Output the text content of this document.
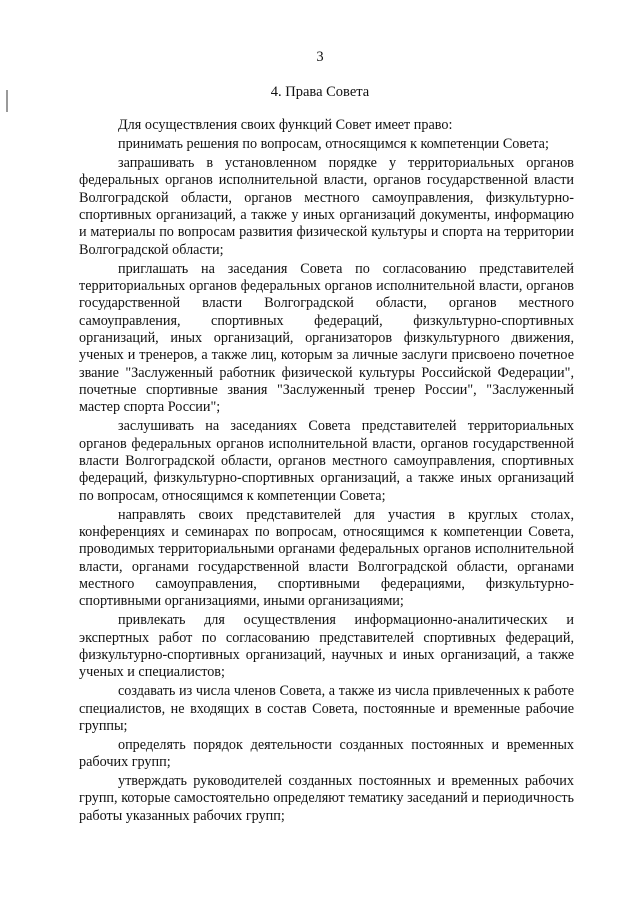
3
4. Права Совета

Для осуществления своих функций Совет имеет право:

принимать решения по вопросам, относящимся к компетенции Совета;

запрашивать в установленном порядке у территориальных органов федеральных органов исполнительной власти, органов государственной власти Волгоградской области, органов местного самоуправления, физкультурно-спортивных организаций, а также у иных организаций документы, информацию и материалы по вопросам развития физической культуры и спорта на территории Волгоградской области;

приглашать на заседания Совета по согласованию представителей территориальных органов федеральных органов исполнительной власти, органов государственной власти Волгоградской области, органов местного самоуправления, спортивных федераций, физкультурно-спортивных организаций, иных организаций, организаторов физкультурного движения, ученых и тренеров, а также лиц, которым за личные заслуги присвоено почетное звание "Заслуженный работник физической культуры Российской Федерации", почетные спортивные звания "Заслуженный тренер России", "Заслуженный мастер спорта России";

заслушивать на заседаниях Совета представителей территориальных органов федеральных органов исполнительной власти, органов государственной власти Волгоградской области, органов местного самоуправления, спортивных федераций, физкультурно-спортивных организаций, а также иных организаций по вопросам, относящимся к компетенции Совета;

направлять своих представителей для участия в круглых столах, конференциях и семинарах по вопросам, относящимся к компетенции Совета, проводимых территориальными органами федеральных органов исполнительной власти, органами государственной власти Волгоградской области, органами местного самоуправления, спортивными федерациями, физкультурно-спортивными организациями, иными организациями;

привлекать для осуществления информационно-аналитических и экспертных работ по согласованию представителей спортивных федераций, физкультурно-спортивных организаций, научных и иных организаций, а также ученых и специалистов;

создавать из числа членов Совета, а также из числа привлеченных к работе специалистов, не входящих в состав Совета, постоянные и временные рабочие группы;

определять порядок деятельности созданных постоянных и временных рабочих групп;

утверждать руководителей созданных постоянных и временных рабочих групп, которые самостоятельно определяют тематику заседаний и периодичность работы указанных рабочих групп;
